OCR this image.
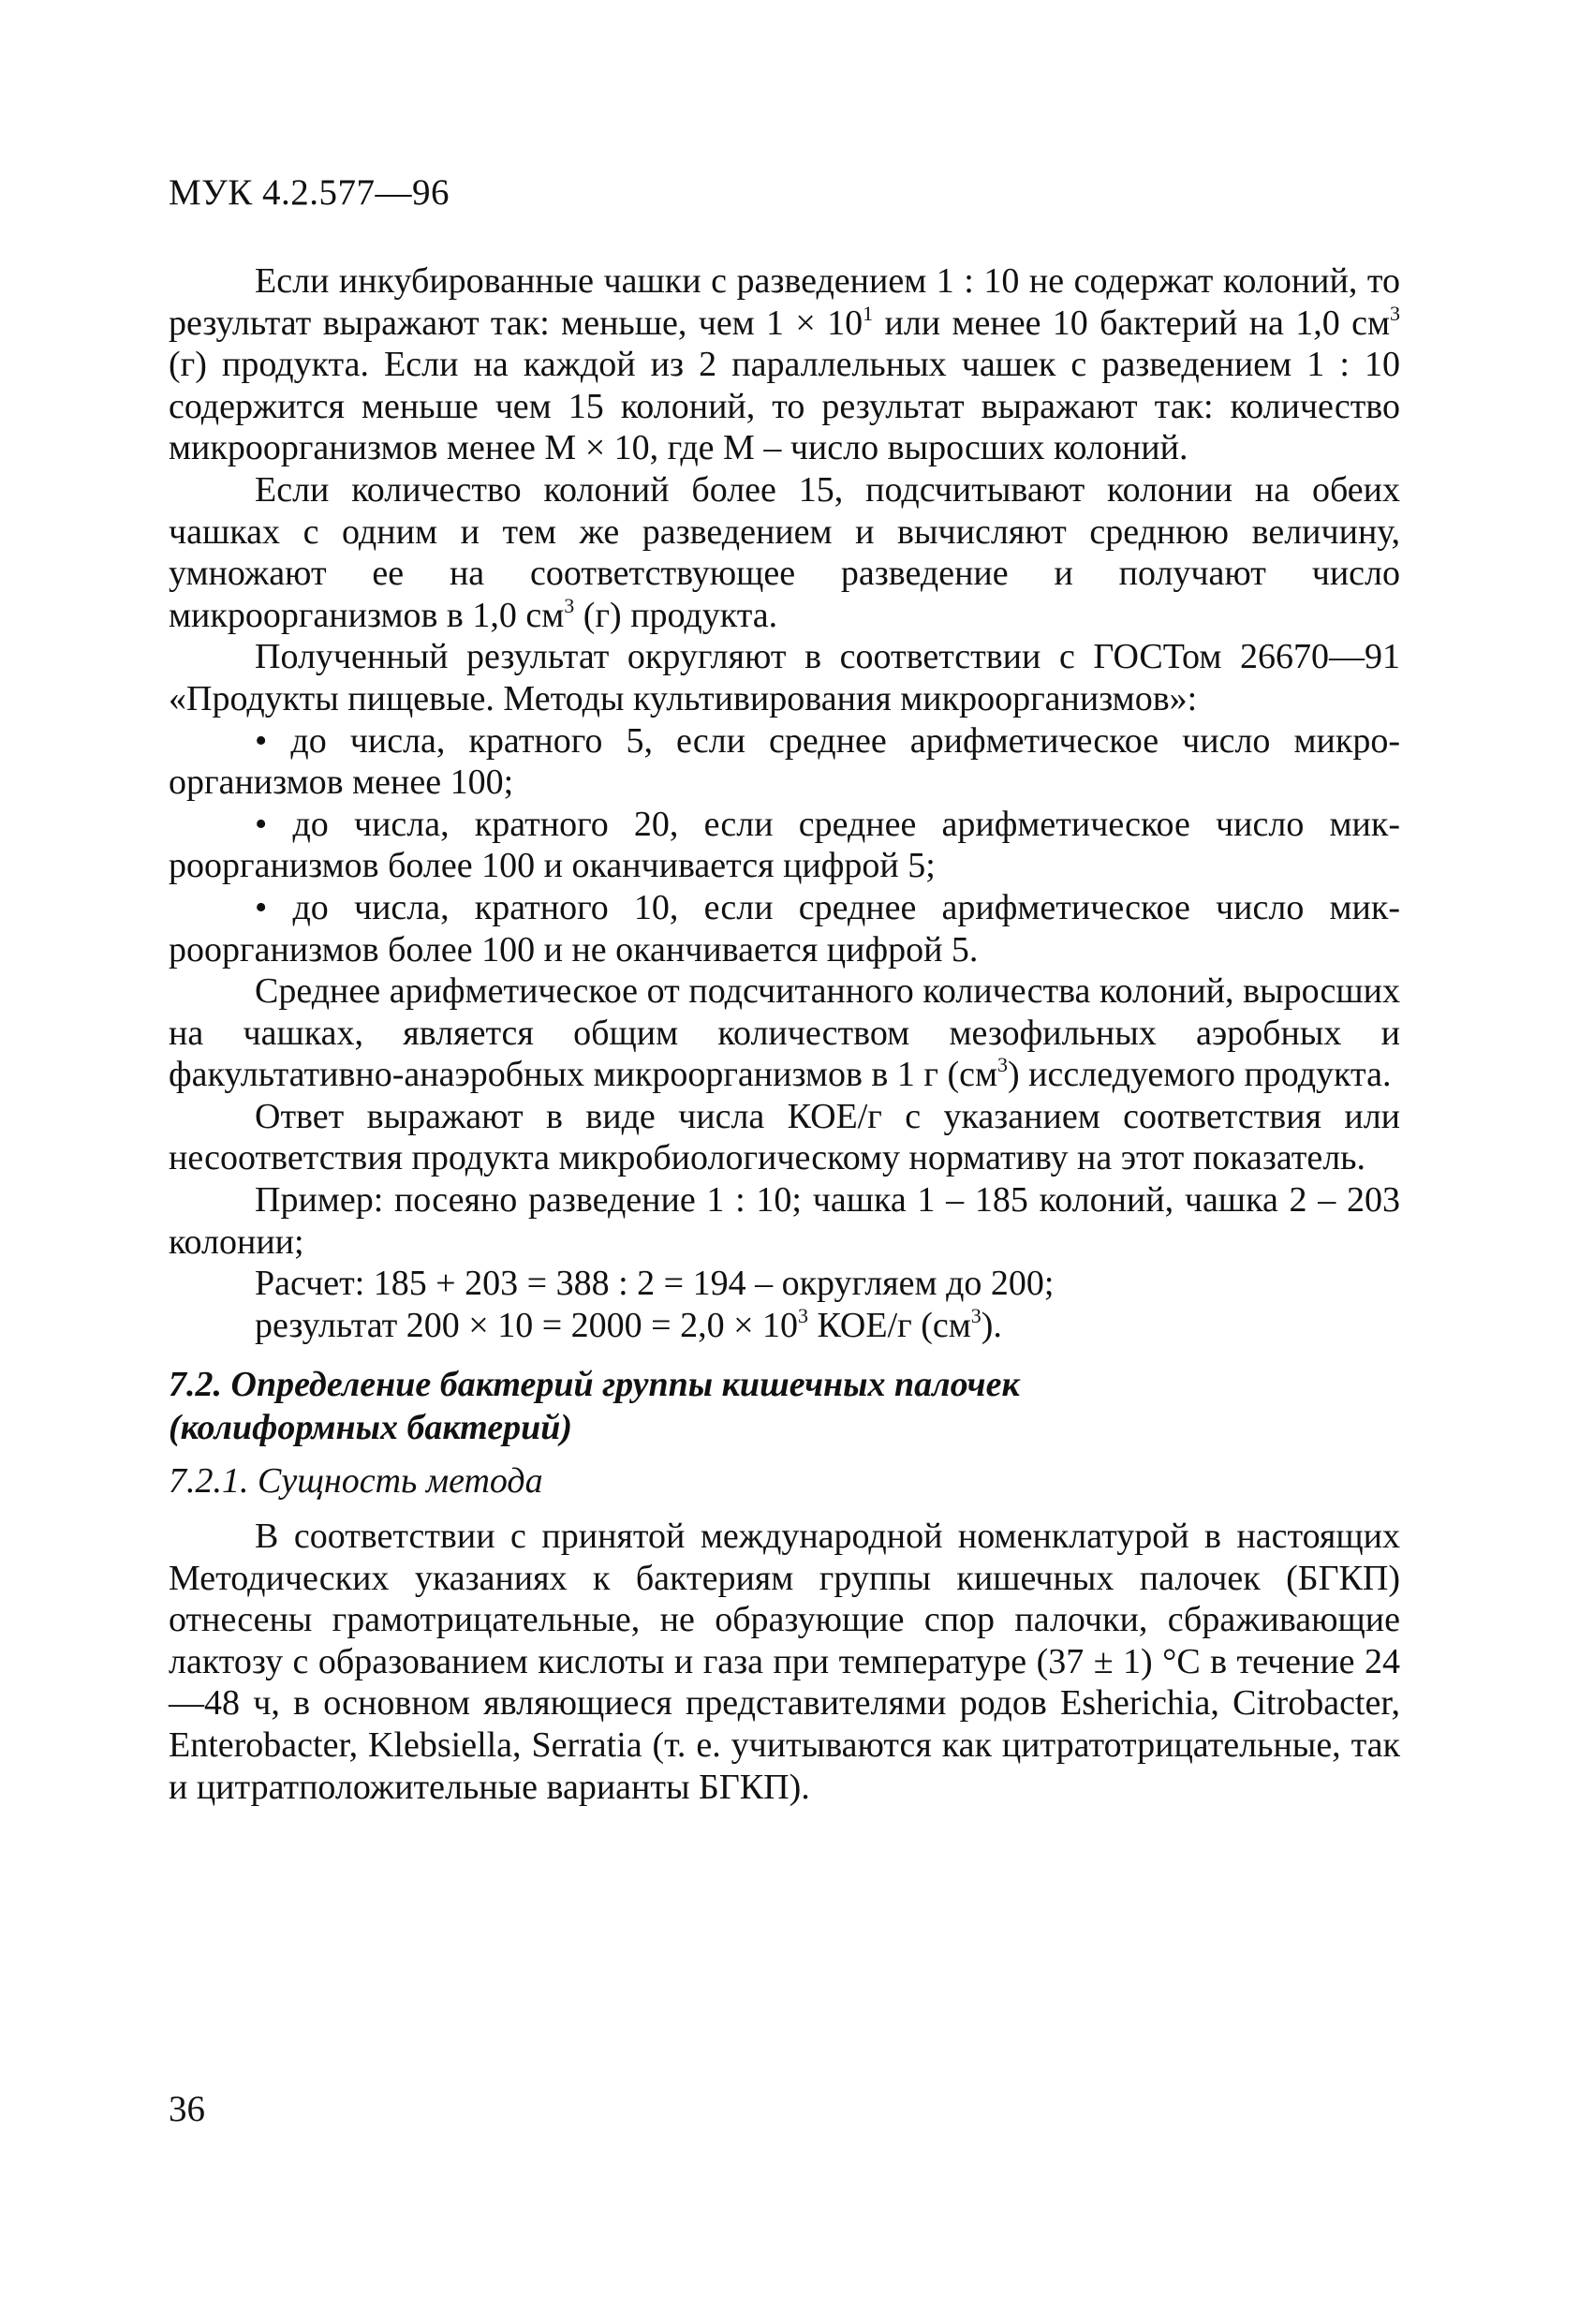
МУК 4.2.577—96

Если инкубированные чашки с разведением 1 : 10 не содержат колоний, то результат выражают так: меньше, чем $1 \times 10^1$ или менее 10 бактерий на 1,0 $см^3$ (г) продукта. Если на каждой из 2 параллельных чашек с разведением 1 : 10 содержится меньше чем 15 колоний, то результат выражают так: количество микроорганизмов менее М × 10, где М – число выросших колоний.

Если количество колоний более 15, подсчитывают колонии на обеих чашках с одним и тем же разведением и вычисляют среднюю величину, умножают ее на соответствующее разведение и получают число микроорганизмов в 1,0 $см^3$ (г) продукта.

Полученный результат округляют в соответствии с ГОСТом 26670—91 «Продукты пищевые. Методы культивирования микроорганизмов»:

• до числа, кратного 5, если среднее арифметическое число микроорганизмов менее 100;

• до числа, кратного 20, если среднее арифметическое число микроорганизмов более 100 и оканчивается цифрой 5;

• до числа, кратного 10, если среднее арифметическое число микроорганизмов более 100 и не оканчивается цифрой 5.

Среднее арифметическое от подсчитанного количества колоний, выросших на чашках, является общим количеством мезофильных аэробных и факультативно-анаэробных микроорганизмов в 1 г $(см^3)$ исследуемого продукта.

Ответ выражают в виде числа КОЕ/г с указанием соответствия или несоответствия продукта микробиологическому нормативу на этот показатель.

Пример: посеяно разведение 1 : 10; чашка 1 – 185 колоний, чашка 2 – 203 колонии;

Расчет: 185 + 203 = 388 : 2 = 194 – округляем до 200;

результат $200 \times 10 = 2000 = 2,0 \times 10^3$ КОЕ/г $(см^3)$.

7.2. Определение бактерий группы кишечных палочек
(колиформных бактерий)

7.2.1. Сущность метода

В соответствии с принятой международной номенклатурой в настоящих Методических указаниях к бактериям группы кишечных палочек (БГКП) отнесены грамотрицательные, не образующие спор палочки, сбраживающие лактозу с образованием кислоты и газа при температуре (37 ± 1) °С в течение 24—48 ч, в основном являющиеся представителями родов Esherichia, Citrobacter, Enterobacter, Klebsiella, Serratia (т. е. учитываются как цитратотрицательные, так и цитратположительные варианты БГКП).

36
